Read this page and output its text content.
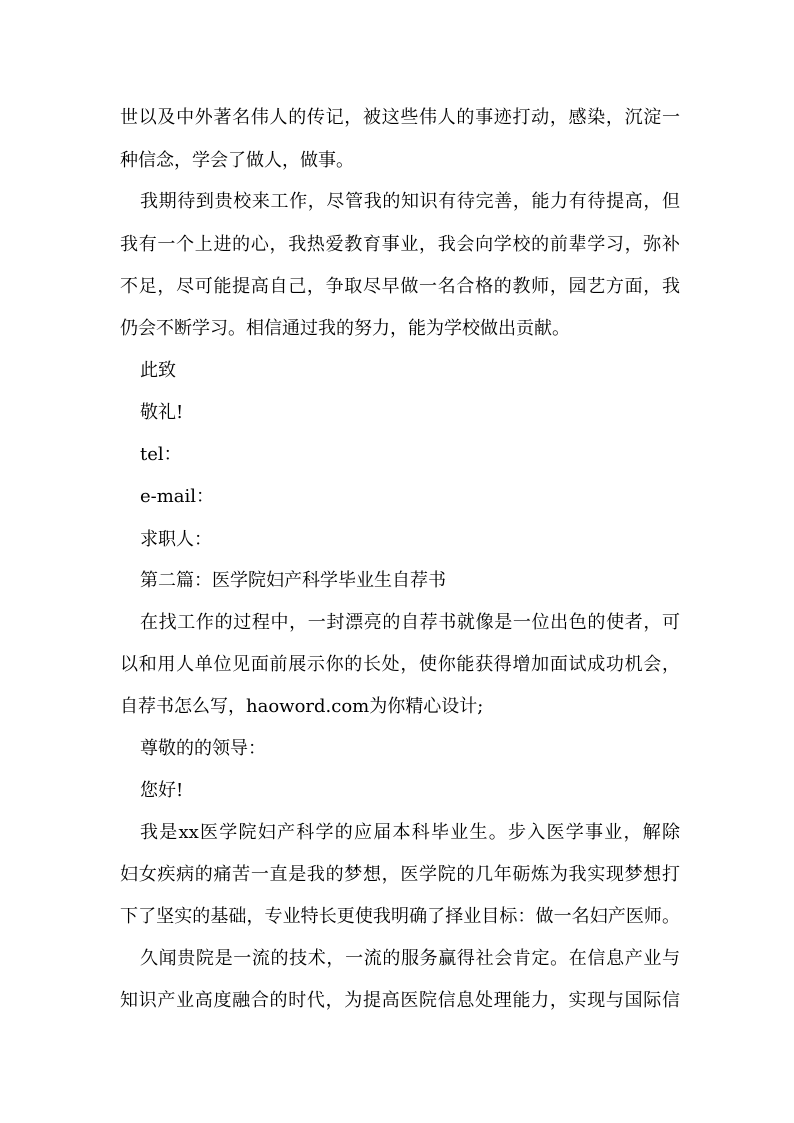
世以及中外著名伟人的传记，被这些伟人的事迹打动，感染，沉淀一
种信念，学会了做人，做事。
我期待到贵校来工作，尽管我的知识有待完善，能力有待提高，但
我有一个上进的心，我热爱教育事业，我会向学校的前辈学习，弥补
不足，尽可能提高自己，争取尽早做一名合格的教师，园艺方面，我
仍会不断学习。相信通过我的努力，能为学校做出贡献。
此致
敬礼!
tel：
e-mail：
求职人：
第二篇：医学院妇产科学毕业生自荐书
在找工作的过程中，一封漂亮的自荐书就像是一位出色的使者，可
以和用人单位见面前展示你的长处，使你能获得增加面试成功机会，
自荐书怎么写，haoword.com为你精心设计;
尊敬的的领导：
您好!
我是xx医学院妇产科学的应届本科毕业生。步入医学事业，解除
妇女疾病的痛苦一直是我的梦想，医学院的几年砺炼为我实现梦想打
下了坚实的基础，专业特长更使我明确了择业目标：做一名妇产医师。
久闻贵院是一流的技术，一流的服务赢得社会肯定。在信息产业与
知识产业高度融合的时代，为提高医院信息处理能力，实现与国际信
